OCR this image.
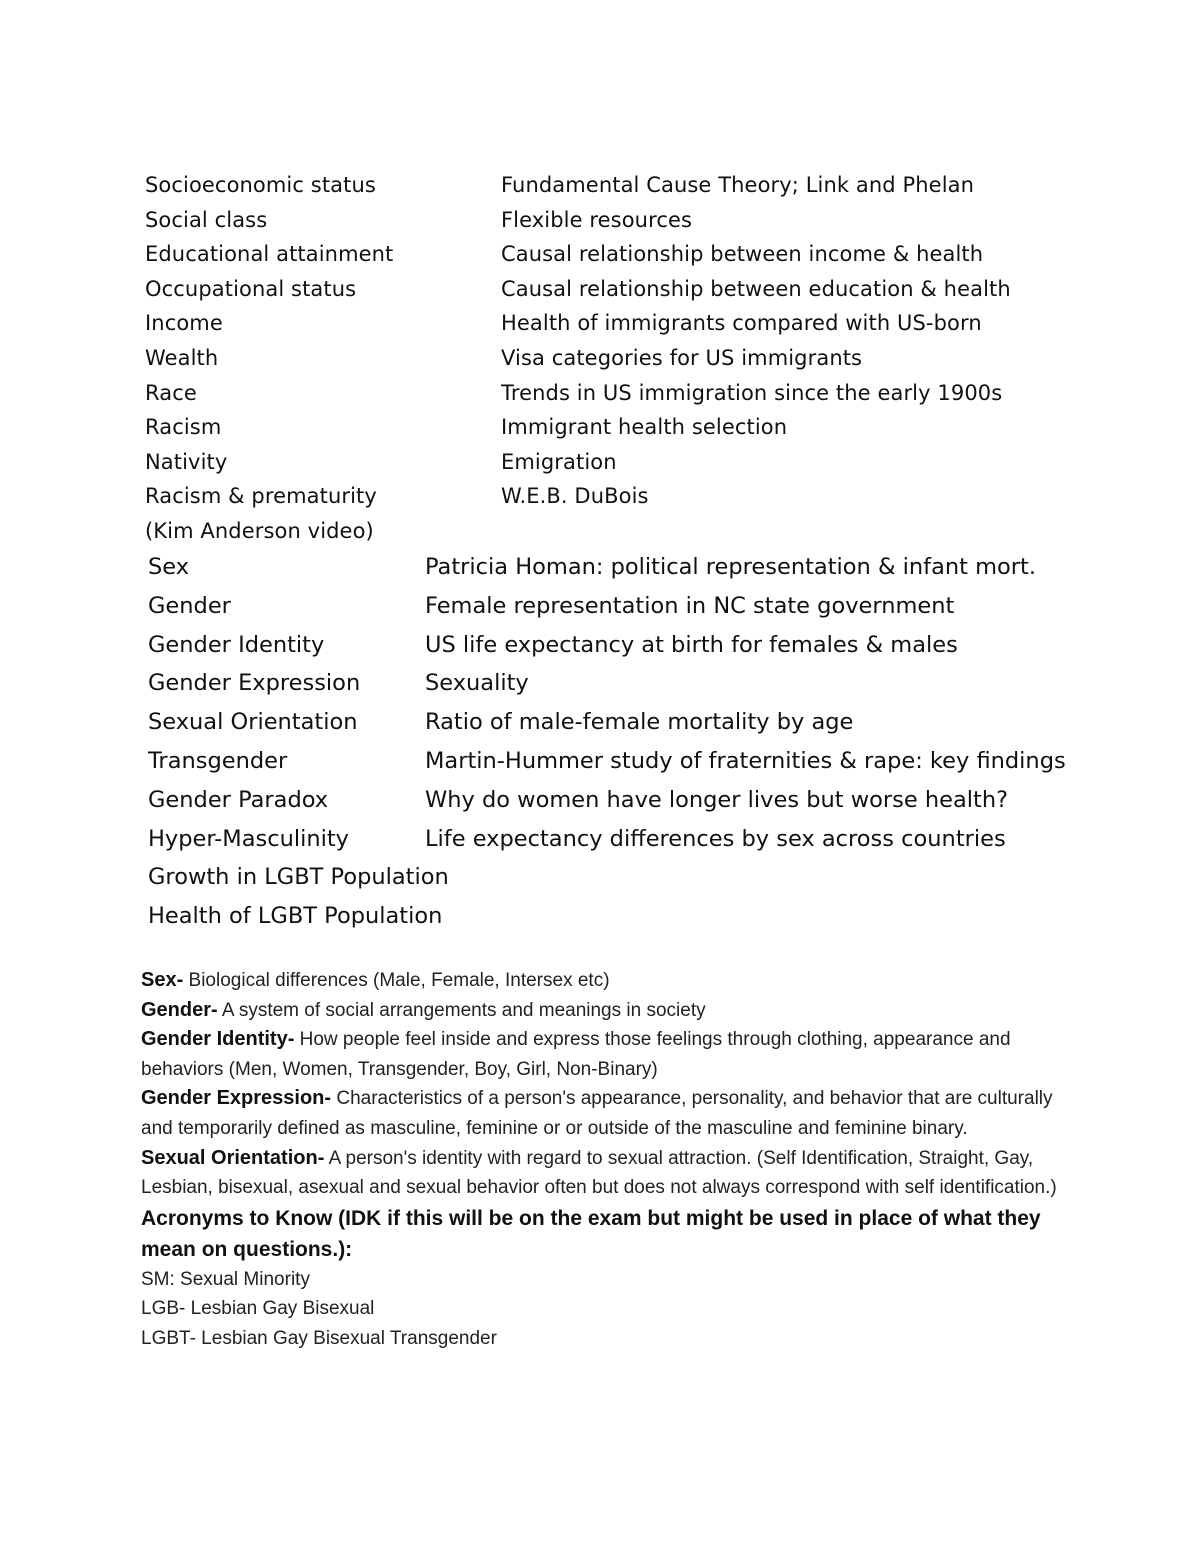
Socioeconomic status	Fundamental Cause Theory; Link and Phelan
Social class	Flexible resources
Educational attainment	Causal relationship between income & health
Occupational status	Causal relationship between education & health
Income	Health of immigrants compared with US-born
Wealth	Visa categories for US immigrants
Race	Trends in US immigration since the early 1900s
Racism	Immigrant health selection
Nativity	Emigration
Racism & prematurity	W.E.B. DuBois
(Kim Anderson video)
Sex	Patricia Homan: political representation & infant mort.
Gender	Female representation in NC state government
Gender Identity	US life expectancy at birth for females & males
Gender Expression	Sexuality
Sexual Orientation	Ratio of male-female mortality by age
Transgender	Martin-Hummer study of fraternities & rape: key findings
Gender Paradox	Why do women have longer lives but worse health?
Hyper-Masculinity	Life expectancy differences by sex across countries
Growth in LGBT Population
Health of LGBT Population

Sex- Biological differences (Male, Female, Intersex etc)

Gender- A system of social arrangements and meanings in society

Gender Identity- How people feel inside and express those feelings through clothing, appearance and behaviors (Men, Women, Transgender, Boy, Girl, Non-Binary)

Gender Expression- Characteristics of a person's appearance, personality, and behavior that are culturally and temporarily defined as masculine, feminine or or outside of the masculine and feminine binary.

Sexual Orientation- A person's identity with regard to sexual attraction. (Self Identification, Straight, Gay, Lesbian, bisexual, asexual and sexual behavior often but does not always correspond with self identification.)

Acronyms to Know (IDK if this will be on the exam but might be used in place of what they mean on questions.):

SM: Sexual Minority

LGB- Lesbian Gay Bisexual

LGBT- Lesbian Gay Bisexual Transgender
